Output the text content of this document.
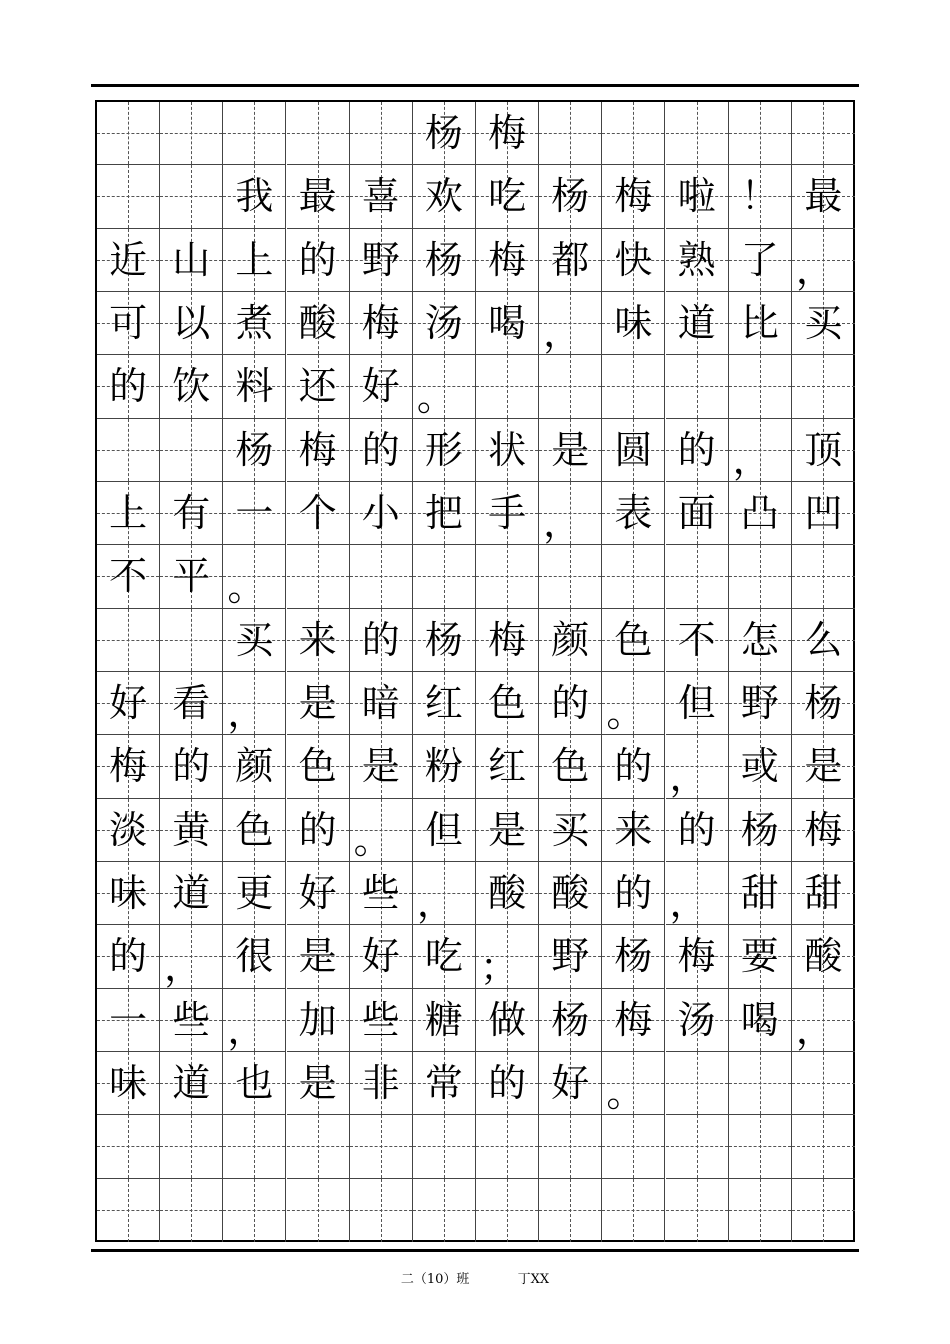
杨 梅
我 最 喜 欢 吃 杨 梅 啦 ！ 最
近 山 上 的 野 杨 梅 都 快 熟 了 ，
可 以 煮 酸 梅 汤 喝 ， 味 道 比 买
的 饮 料 还 好 。
杨 梅 的 形 状 是 圆 的 ， 顶
上 有 一 个 小 把 手 ， 表 面 凸 凹
不 平 。
买 来 的 杨 梅 颜 色 不 怎 么
好 看 ， 是 暗 红 色 的 。 但 野 杨
梅 的 颜 色 是 粉 红 色 的 ， 或 是
淡 黄 色 的 。 但 是 买 来 的 杨 梅
味 道 更 好 些 ， 酸 酸 的 ， 甜 甜
的 ， 很 是 好 吃 ； 野 杨 梅 要 酸
一 些 ， 加 些 糖 做 杨 梅 汤 喝 ，
味 道 也 是 非 常 的 好 。
二（10）班	丁XX
